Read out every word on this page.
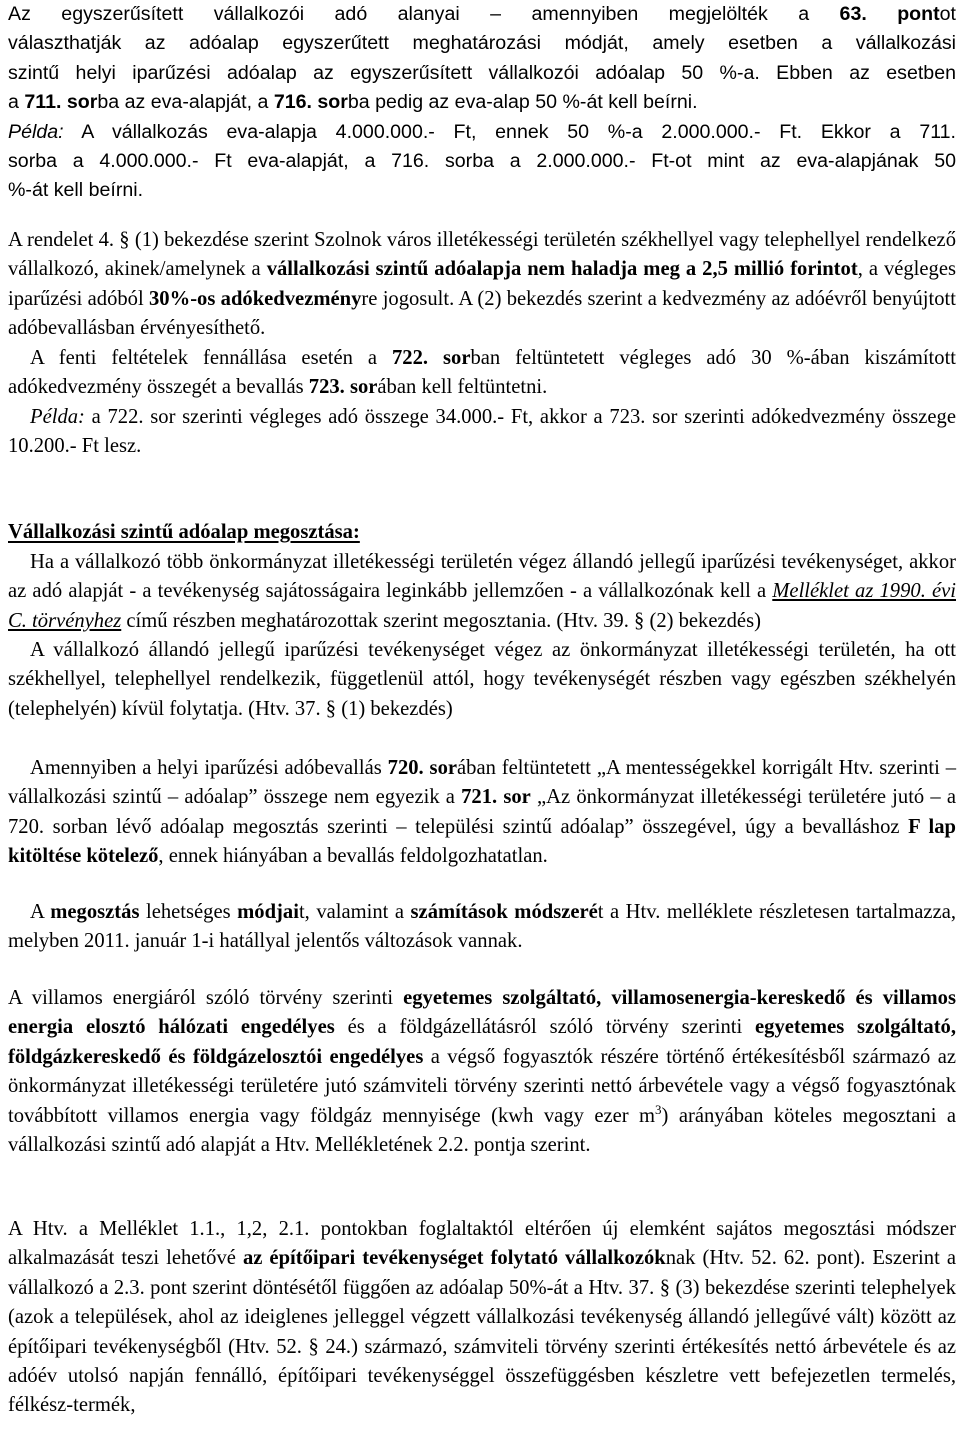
Az egyszerűsített vállalkozói adó alanyai – amennyiben megjelölték a 63. pontot
választhatják az adóalap egyszerűtett meghatározási módját, amely esetben a vállalkozási
szintű helyi iparűzési adóalap az egyszerűsített vállalkozói adóalap 50 %-a. Ebben az esetben
a 711. sorba az eva-alapját, a 716. sorba pedig az eva-alap 50 %-át kell beírni.
Példa: A vállalkozás eva-alapja 4.000.000.- Ft, ennek 50 %-a 2.000.000.- Ft. Ekkor a 711.
sorba a 4.000.000.- Ft eva-alapját, a 716. sorba a 2.000.000.- Ft-ot mint az eva-alapjának 50
%-át kell beírni.
A rendelet 4. § (1) bekezdése szerint Szolnok város illetékességi területén székhellyel vagy telephellyel rendelkező vállalkozó, akinek/amelynek a vállalkozási szintű adóalapja nem haladja meg a 2,5 millió forintot, a végleges iparűzési adóból 30%-os adókedvezményre jogosult. A (2) bekezdés szerint a kedvezmény az adóévről benyújtott adóbevallásban érvényesíthető.
A fenti feltételek fennállása esetén a 722. sorban feltüntetett végleges adó 30 %-ában kiszámított adókedvezmény összegét a bevallás 723. sorában kell feltüntetni.
Példa: a 722. sor szerinti végleges adó összege 34.000.- Ft, akkor a 723. sor szerinti adókedvezmény összege 10.200.- Ft lesz.
Vállalkozási szintű adóalap megosztása:
Ha a vállalkozó több önkormányzat illetékességi területén végez állandó jellegű iparűzési tevékenységet, akkor az adó alapját - a tevékenység sajátosságaira leginkább jellemzően - a vállalkozónak kell a Melléklet az 1990. évi C. törvényhez című részben meghatározottak szerint megosztania. (Htv. 39. § (2) bekezdés)
A vállalkozó állandó jellegű iparűzési tevékenységet végez az önkormányzat illetékességi területén, ha ott székhellyel, telephellyel rendelkezik, függetlenül attól, hogy tevékenységét részben vagy egészben székhelyén (telephelyén) kívül folytatja. (Htv. 37. § (1) bekezdés)
Amennyiben a helyi iparűzési adóbevallás 720. sorában feltüntetett „A mentességekkel korrigált Htv. szerinti – vállalkozási szintű – adóalap” összege nem egyezik a 721. sor „Az önkormányzat illetékességi területére jutó – a 720. sorban lévő adóalap megosztás szerinti – települési szintű adóalap” összegével, úgy a bevalláshoz F lap kitöltése kötelező, ennek hiányában a bevallás feldolgozhatatlan.
A megosztás lehetséges módjait, valamint a számítások módszerét a Htv. melléklete részletesen tartalmazza, melyben 2011. január 1-i hatállyal jelentős változások vannak.
A villamos energiáról szóló törvény szerinti egyetemes szolgáltató, villamosenergia-kereskedő és villamos energia elosztó hálózati engedélyes és a földgázellátásról szóló törvény szerinti egyetemes szolgáltató, földgázkereskedő és földgázelosztói engedélyes a végső fogyasztók részére történő értékesítésből származó az önkormányzat illetékességi területére jutó számviteli törvény szerinti nettó árbevétele vagy a végső fogyasztónak továbbított villamos energia vagy földgáz mennyisége (kwh vagy ezer $m^3$) arányában köteles megosztani a vállalkozási szintű adó alapját a Htv. Mellékletének 2.2. pontja szerint.
A Htv. a Melléklet 1.1., 1,2, 2.1. pontokban foglaltaktól eltérően új elemként sajátos megosztási módszer alkalmazását teszi lehetővé az építőipari tevékenységet folytató vállalkozóknak (Htv. 52. 62. pont). Eszerint a vállalkozó a 2.3. pont szerint döntésétől függően az adóalap 50%-át a Htv. 37. § (3) bekezdése szerinti telephelyek (azok a települések, ahol az ideiglenes jelleggel végzett vállalkozási tevékenység állandó jellegűvé vált) között az építőipari tevékenységből (Htv. 52. § 24.) származó, számviteli törvény szerinti értékesítés nettó árbevétele és az adóév utolsó napján fennálló, építőipari tevékenységgel összefüggésben készletre vett befejezetlen termelés, félkész-termék,
